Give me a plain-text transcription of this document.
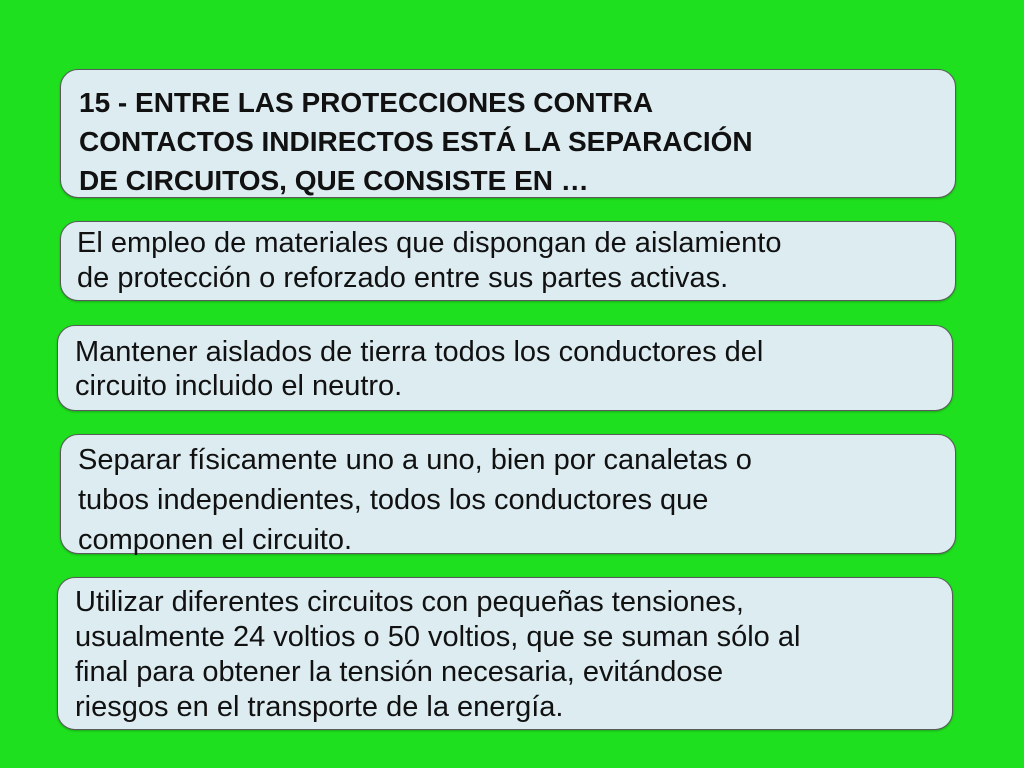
15 - ENTRE LAS PROTECCIONES CONTRA
CONTACTOS INDIRECTOS ESTÁ LA SEPARACIÓN
DE CIRCUITOS, QUE CONSISTE EN …
El empleo de materiales que dispongan de aislamiento
de protección o reforzado entre sus partes activas.
Mantener aislados de tierra todos los conductores del
circuito incluido el neutro.
Separar físicamente uno a uno, bien por canaletas o
tubos independientes, todos los conductores que
componen el circuito.
Utilizar diferentes circuitos con pequeñas tensiones,
usualmente 24 voltios o 50 voltios, que se suman sólo al
final para obtener la tensión necesaria, evitándose
riesgos en el transporte de la energía.
